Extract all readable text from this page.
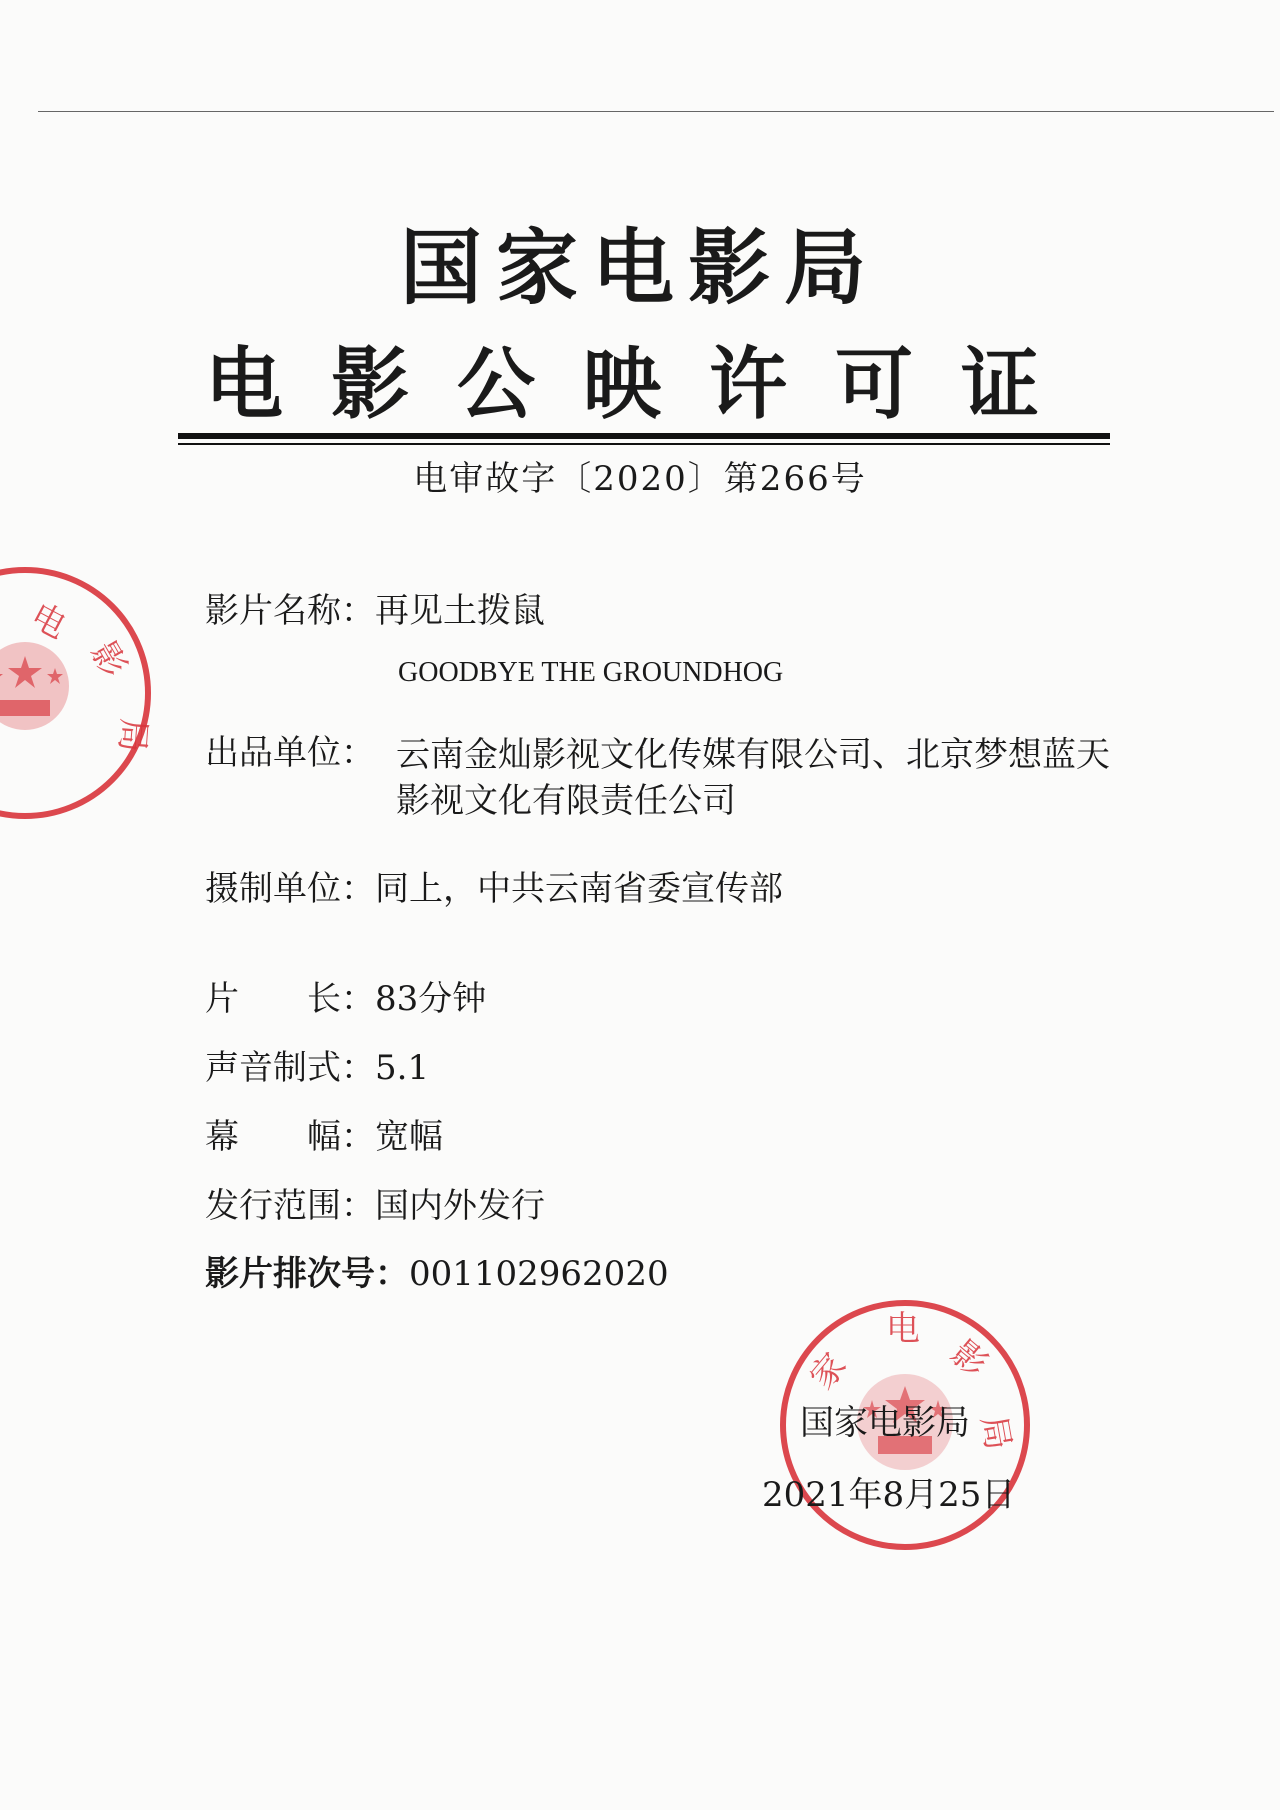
国家电影局
电影公映许可证
电审故字〔2020〕第266号
电
影
局
影片名称：再见土拨鼠
GOODBYE THE GROUNDHOG
出品单位： 云南金灿影视文化传媒有限公司、北京梦想蓝天
影视文化有限责任公司
摄制单位：同上，中共云南省委宣传部
片　　长：83分钟
声音制式：5.1
幕　　幅：宽幅
发行范围：国内外发行
影片排次号：001102962020
家
电
影
局
国家电影局
2021年8月25日
